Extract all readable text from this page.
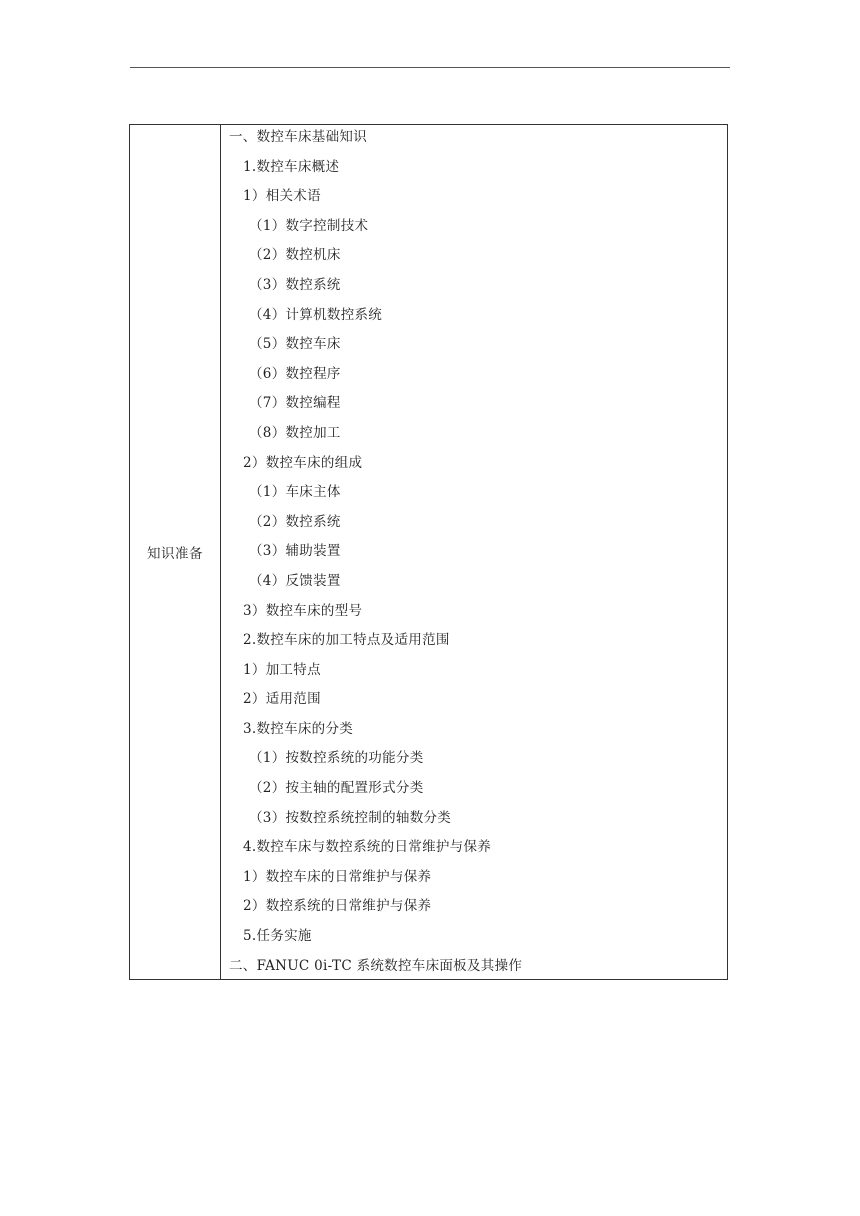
知识准备
一、数控车床基础知识
1.数控车床概述
1）相关术语
（1）数字控制技术
（2）数控机床
（3）数控系统
（4）计算机数控系统
（5）数控车床
（6）数控程序
（7）数控编程
（8）数控加工
2）数控车床的组成
（1）车床主体
（2）数控系统
（3）辅助装置
（4）反馈装置
3）数控车床的型号
2.数控车床的加工特点及适用范围
1）加工特点
2）适用范围
3.数控车床的分类
（1）按数控系统的功能分类
（2）按主轴的配置形式分类
（3）按数控系统控制的轴数分类
4.数控车床与数控系统的日常维护与保养
1）数控车床的日常维护与保养
2）数控系统的日常维护与保养
5.任务实施
二、FANUC 0i-TC 系统数控车床面板及其操作
